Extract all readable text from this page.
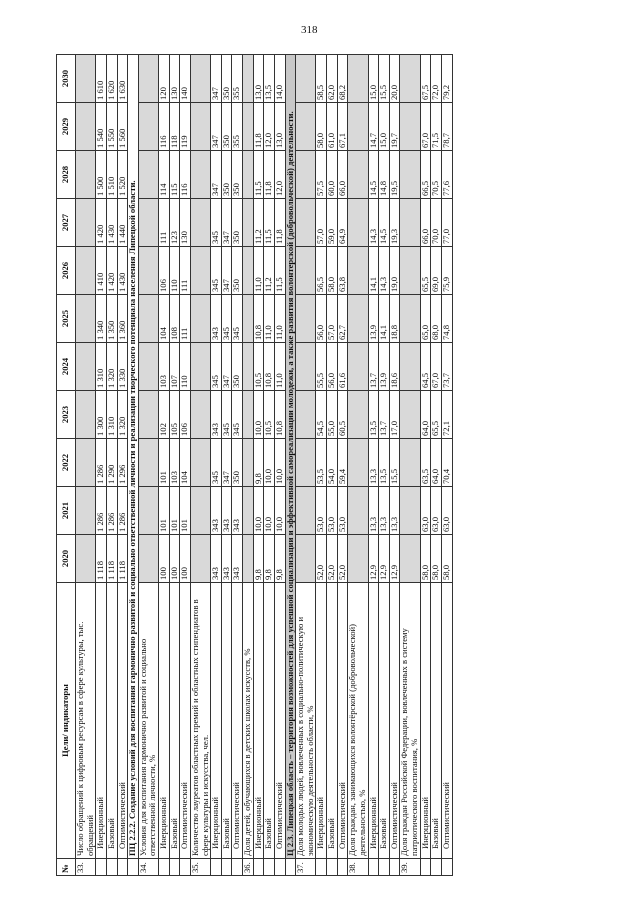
318
№	Цели/ индикаторы	2020	2021	2022	2023	2024	2025	2026	2027	2028	2029	2030
33.	Число обращений к цифровым ресурсам в сфере культуры, тыс. обращений											
	Инерционный	1 118	1 286	1 286	1 300	1 310	1 340	1 410	1 420	1 500	1 540	1 610
	Базовый	1 118	1 286	1 290	1 310	1 320	1 350	1 420	1 430	1 510	1 550	1 620
	Оптимистический	1 118	1 286	1 296	1 320	1 330	1 360	1 430	1 440	1 520	1 560	1 630
	ПЦ 2.2.2. Создание условий для воспитания гармонично развитой и социально ответственной личности и реализации творческого потенциала населения Липецкой области.											
34.	Условия для воспитания гармонично развитой и социально ответственной личности, %											
	Инерционный	100	101	101	102	103	104	106	111	114	116	120
	Базовый	100	101	103	105	107	108	110	123	115	118	130
	Оптимистический	100	101	104	106	110	111	111	130	116	119	140
35.	Количество лауреатов областных премий и областных стипендиатов в сфере культуры и искусства, чел.											
	Инерционный	343	343	345	343	345	343	345	345	347	347	347
	Базовый	343	343	347	345	347	345	347	347	350	350	350
	Оптимистический	343	343	350	345	350	345	350	350	350	355	355
36.	Доля детей, обучающихся в детских школах искусств, %											
	Инерционный	9,8	10,0	9,8	10,0	10,5	10,8	11,0	11,2	11,5	11,8	13,0
	Базовый	9,8	10,0	10,0	10,5	10,8	11,0	11,2	11,5	11,8	12,0	13,5
	Оптимистический	9,8	10,0	10,0	10,8	11,0	11,0	11,5	11,8	12,0	13,0	14,0
	Ц 2.3. Липецкая область – территория возможностей для успешной социализации и эффективной самореализации молодежи, а также развития волонтерской (добровольческой) деятельности.											
37.	Доля молодых людей, вовлеченных в социально-политическую и экономическую деятельность области, %											
	Инерционный	52,0	53,0	53,5	54,5	55,5	56,0	56,5	57,0	57,5	58,0	58,5
	Базовый	52,0	53,0	54,0	55,0	56,0	57,0	58,0	59,0	60,0	61,0	62,0
	Оптимистический	52,0	53,0	59,4	60,5	61,6	62,7	63,8	64,9	66,0	67,1	68,2
38.	Доля граждан, занимающихся волонтёрской (добровольческой) деятельностью, %											
	Инерционный	12,9	13,3	13,3	13,5	13,7	13,9	14,1	14,3	14,5	14,7	15,0
	Базовый	12,9	13,3	13,5	13,7	13,9	14,1	14,3	14,5	14,8	15,0	15,5
	Оптимистический	12,9	13,3	15,5	17,0	18,6	18,8	19,0	19,3	19,5	19,7	20,0
39.	Доля граждан Российской Федерации, вовлеченных в систему патриотического воспитания, %											
	Инерционный	58,0	63,0	63,5	64,0	64,5	65,0	65,5	66,0	66,5	67,0	67,5
	Базовый	58,0	63,0	64,0	65,5	67,0	68,0	69,0	70,0	70,5	71,5	72,0
	Оптимистический	58,0	63,0	70,4	72,1	73,7	74,8	75,9	77,0	77,6	78,7	79,2
